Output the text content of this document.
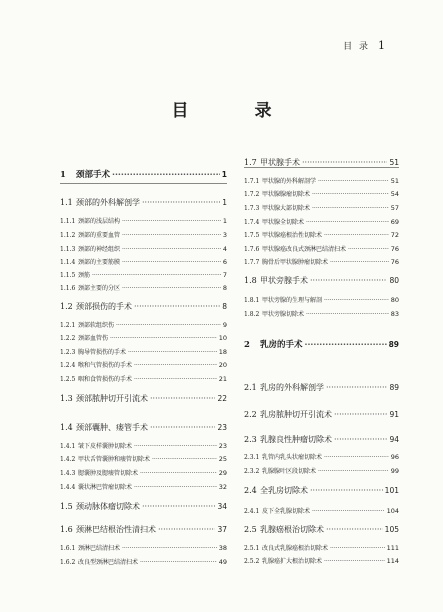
目 录 1
目 录
1	颈部手术 ·····	1
1.1 颈部的外科解剖学 ·····	1
1.1.1 颈部的浅层结构 ·····	1
1.1.2 颈部的重要血管 ·····	3
1.1.3 颈部的神经组织 ·····	4
1.1.4 颈部的主要筋膜 ·····	6
1.1.5 颈筋 ·····	7
1.1.6 颈部主要的分区 ·····	8
1.2 颈部损伤的手术 ·····	8
1.2.1 颈部软组织伤 ·····	9
1.2.2 颈部血管伤 ·····	10
1.2.3 胸导管损伤的手术 ·····	18
1.2.4 喉和气管损伤的手术 ·····	20
1.2.5 咽和食管损伤的手术 ·····	21
1.3 颈部脓肿切开引流术 ·····	22
1.4 颈部囊肿、瘘管手术 ·····	23
1.4.1 皱下皮样囊肿切除术 ·····	23
1.4.2 甲状舌管囊肿和瘘管切除术 ·····	25
1.4.3 腮囊肿及腮瘘管切除术 ·····	29
1.4.4 囊状淋巴管瘤切除术 ·····	32
1.5 颈动脉体瘤切除术 ·····	34
1.6 颈淋巴结根治性清扫术 ·····	37
1.6.1 颈淋巴结清扫术 ·····	38
1.6.2 改良型颈淋巴结清扫术 ·····	49
1.7 甲状腺手术 ·····	51
1.7.1 甲状腺的外科解剖学 ·····	51
1.7.2 甲状腺腺瘤切除术 ·····	54
1.7.3 甲状腺大部切除术 ·····	57
1.7.4 甲状腺全切除术 ·····	69
1.7.5 甲状腺癌根治性切除术 ·····	72
1.7.6 甲状腺癌改良式颈淋巴结清扫术 ·····	76
1.7.7 胸骨后甲状腺肿瘤切除术 ·····	76
1.8 甲状旁腺手术 ·····	80
1.8.1 甲状旁腺的生理与解剖 ·····	80
1.8.2 甲状旁腺切除术 ·····	83
2	乳房的手术 ·····	89
2.1 乳房的外科解剖学 ·····	89
2.2 乳房脓肿切开引流术 ·····	91
2.3 乳腺良性肿瘤切除术 ·····	94
2.3.1 乳管内乳头状瘤切除术 ·····	96
2.3.2 乳腺腺叶区段切除术 ·····	99
2.4 全乳房切除术 ·····	101
2.4.1 皮下全乳腺切除术 ·····	104
2.5 乳腺癌根治切除术 ·····	105
2.5.1 改良式乳腺癌根治切除术 ·····	111
2.5.2 乳腺癌扩大根治切除术 ·····	114
